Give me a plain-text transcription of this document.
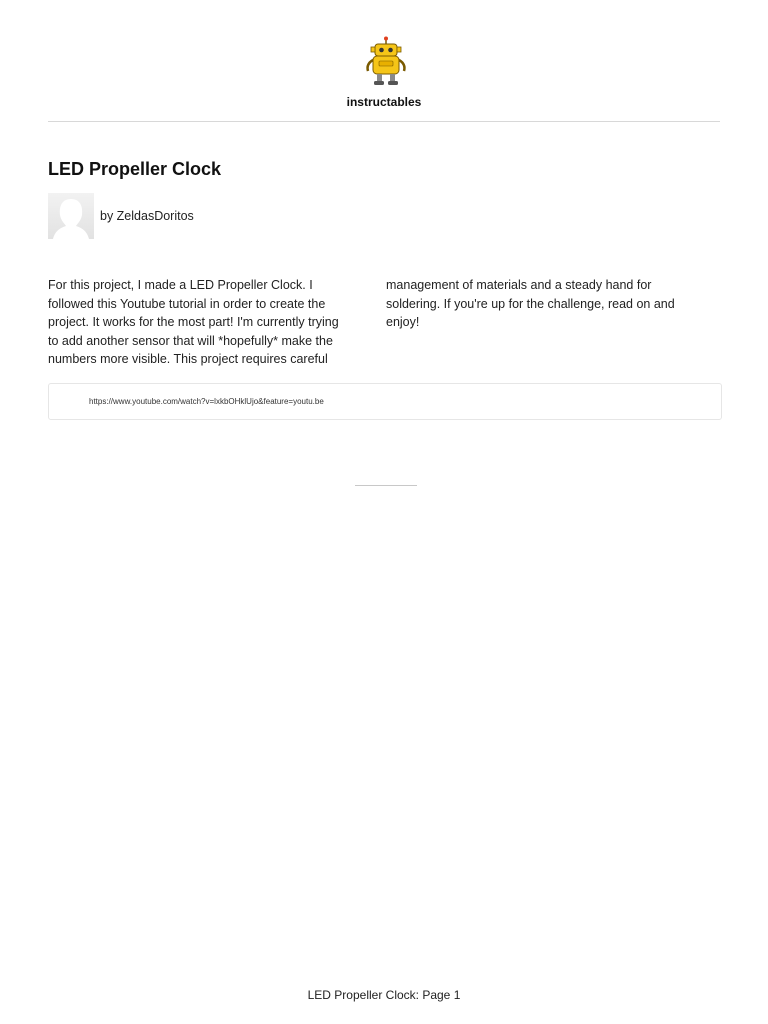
instructables
LED Propeller Clock
by ZeldasDoritos
For this project, I made a LED Propeller Clock. I
followed this Youtube tutorial in order to create the
project. It works for the most part! I'm currently trying
to add another sensor that will *hopefully* make the
numbers more visible. This project requires careful
management of materials and a steady hand for
soldering. If you're up for the challenge, read on and
enjoy!
https://www.youtube.com/watch?v=lxkbOHklUjo&feature=youtu.be
LED Propeller Clock: Page 1
